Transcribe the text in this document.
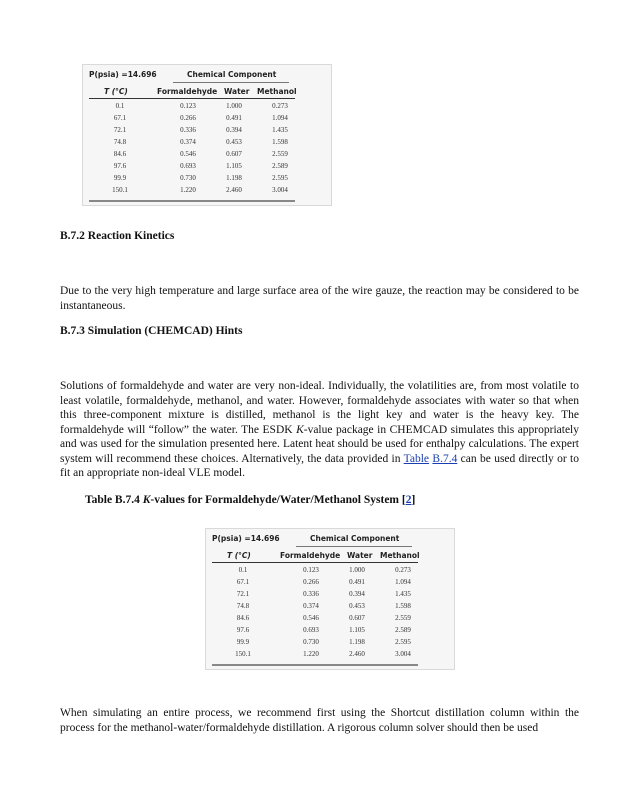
P(psia) =14.696	Chemical Component
T (°C)	Formaldehyde Water Methanol
0.1	0.123	1.000	0.273
67.1	0.266	0.491	1.094
72.1	0.336	0.394	1.435
74.8	0.374	0.453	1.598
84.6	0.546	0.607	2.559
97.6	0.693	1.105	2.589
99.9	0.730	1.198	2.595
150.1	1.220	2.460	3.004
B.7.2 Reaction Kinetics

Due to the very high temperature and large surface area of the wire gauze, the reaction may be considered to be instantaneous.

B.7.3 Simulation (CHEMCAD) Hints

Solutions of formaldehyde and water are very non-ideal. Individually, the volatilities are, from most volatile to least volatile, formaldehyde, methanol, and water. However, formaldehyde associates with water so that when this three-component mixture is distilled, methanol is the light key and water is the heavy key. The formaldehyde will “follow” the water. The ESDK K-value package in CHEMCAD simulates this appropriately and was used for the simulation presented here. Latent heat should be used for enthalpy calculations. The expert system will recommend these choices. Alternatively, the data provided in Table B.7.4 can be used directly or to fit an appropriate non-ideal VLE model.

Table B.7.4 K-values for Formaldehyde/Water/Methanol System [2]
P(psia) =14.696	Chemical Component
T (°C)	Formaldehyde Water Methanol
0.1	0.123	1.000	0.273
67.1	0.266	0.491	1.094
72.1	0.336	0.394	1.435
74.8	0.374	0.453	1.598
84.6	0.546	0.607	2.559
97.6	0.693	1.105	2.589
99.9	0.730	1.198	2.595
150.1	1.220	2.460	3.004

When simulating an entire process, we recommend first using the Shortcut distillation column within the process for the methanol-water/formaldehyde distillation. A rigorous column solver should then be used
